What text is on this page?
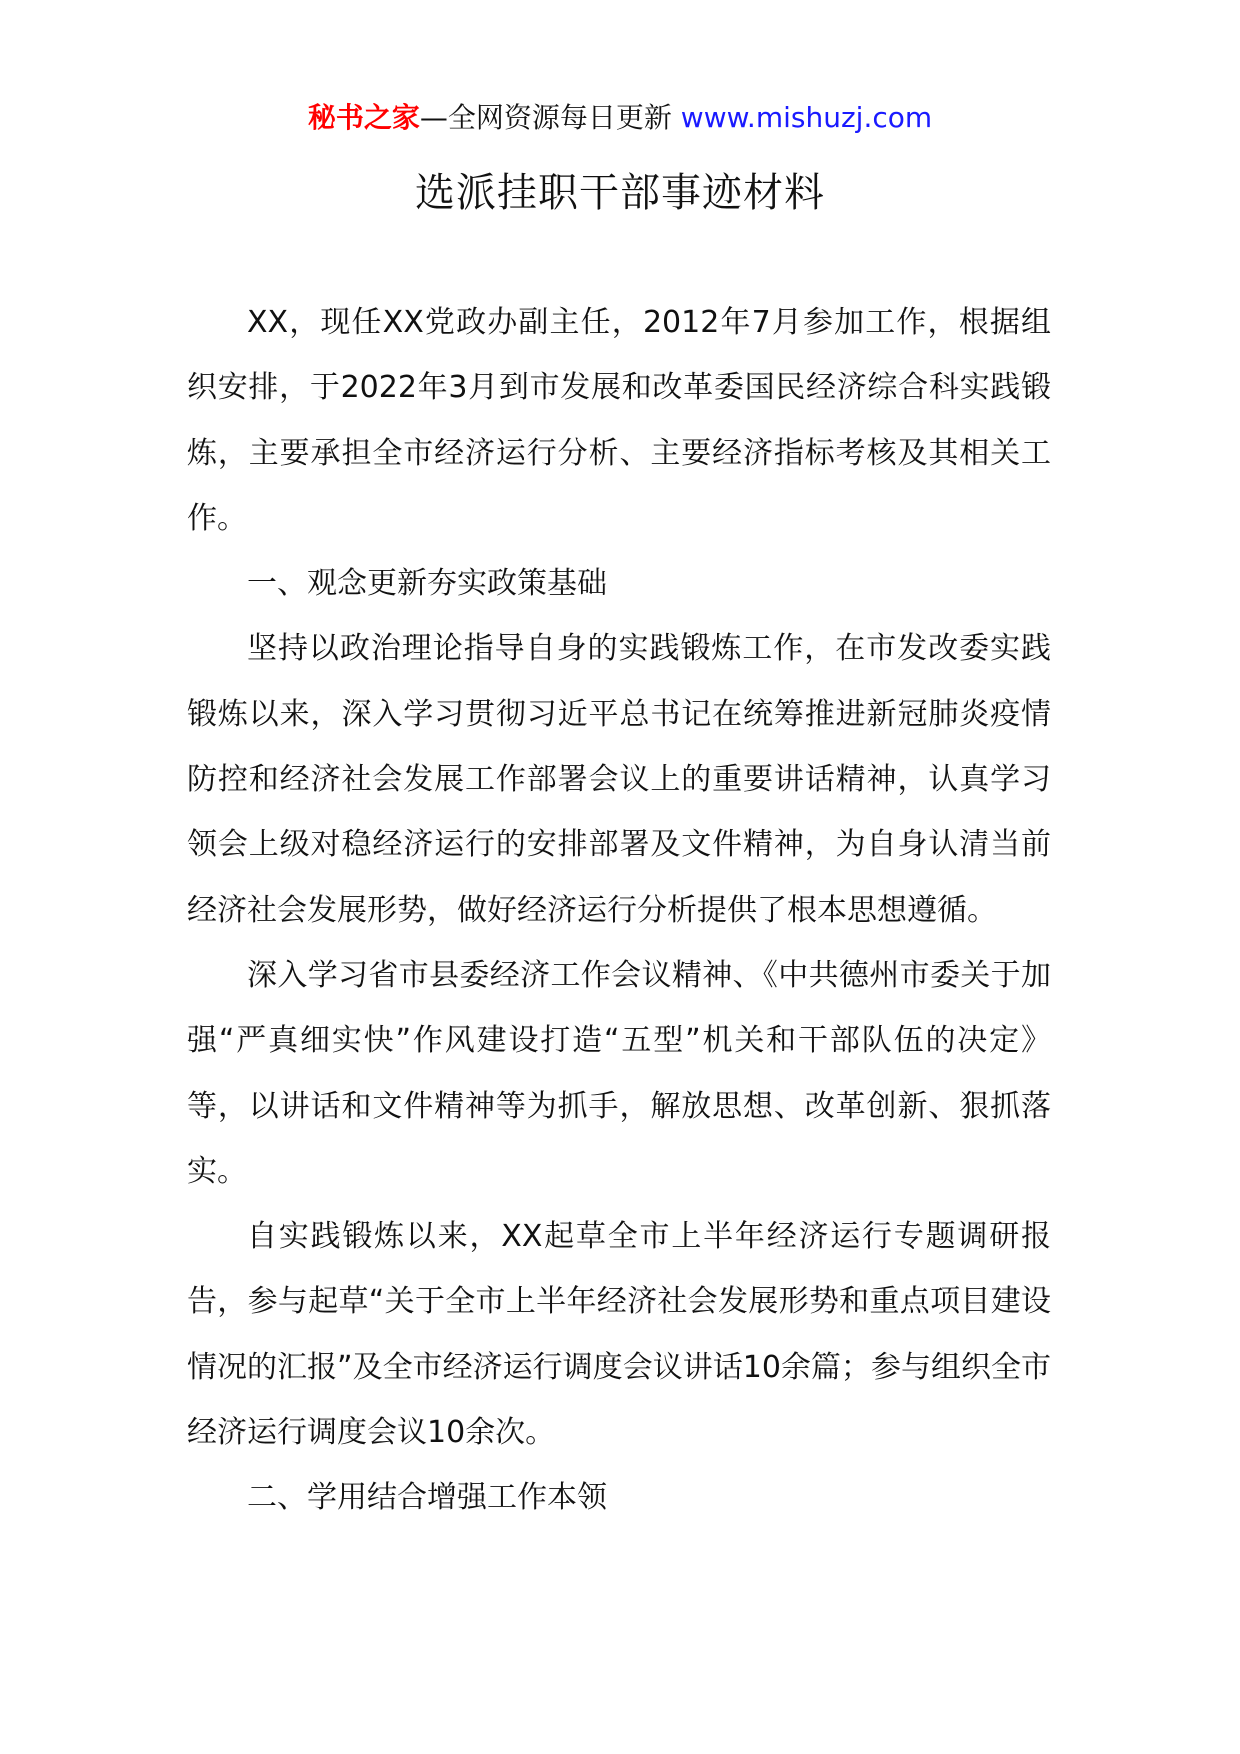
秘书之家—全网资源每日更新 www.mishuzj.com
选派挂职干部事迹材料

XX，现任XX党政办副主任，2012年7月参加工作，根据组织安排，于2022年3月到市发展和改革委国民经济综合科实践锻炼，主要承担全市经济运行分析、主要经济指标考核及其相关工作。

一、观念更新夯实政策基础

坚持以政治理论指导自身的实践锻炼工作，在市发改委实践锻炼以来，深入学习贯彻习近平总书记在统筹推进新冠肺炎疫情防控和经济社会发展工作部署会议上的重要讲话精神，认真学习领会上级对稳经济运行的安排部署及文件精神，为自身认清当前经济社会发展形势，做好经济运行分析提供了根本思想遵循。

深入学习省市县委经济工作会议精神、《中共德州市委关于加强“严真细实快”作风建设打造“五型”机关和干部队伍的决定》等，以讲话和文件精神等为抓手，解放思想、改革创新、狠抓落实。

自实践锻炼以来，XX起草全市上半年经济运行专题调研报告，参与起草“关于全市上半年经济社会发展形势和重点项目建设情况的汇报”及全市经济运行调度会议讲话10余篇；参与组织全市经济运行调度会议10余次。

二、学用结合增强工作本领
